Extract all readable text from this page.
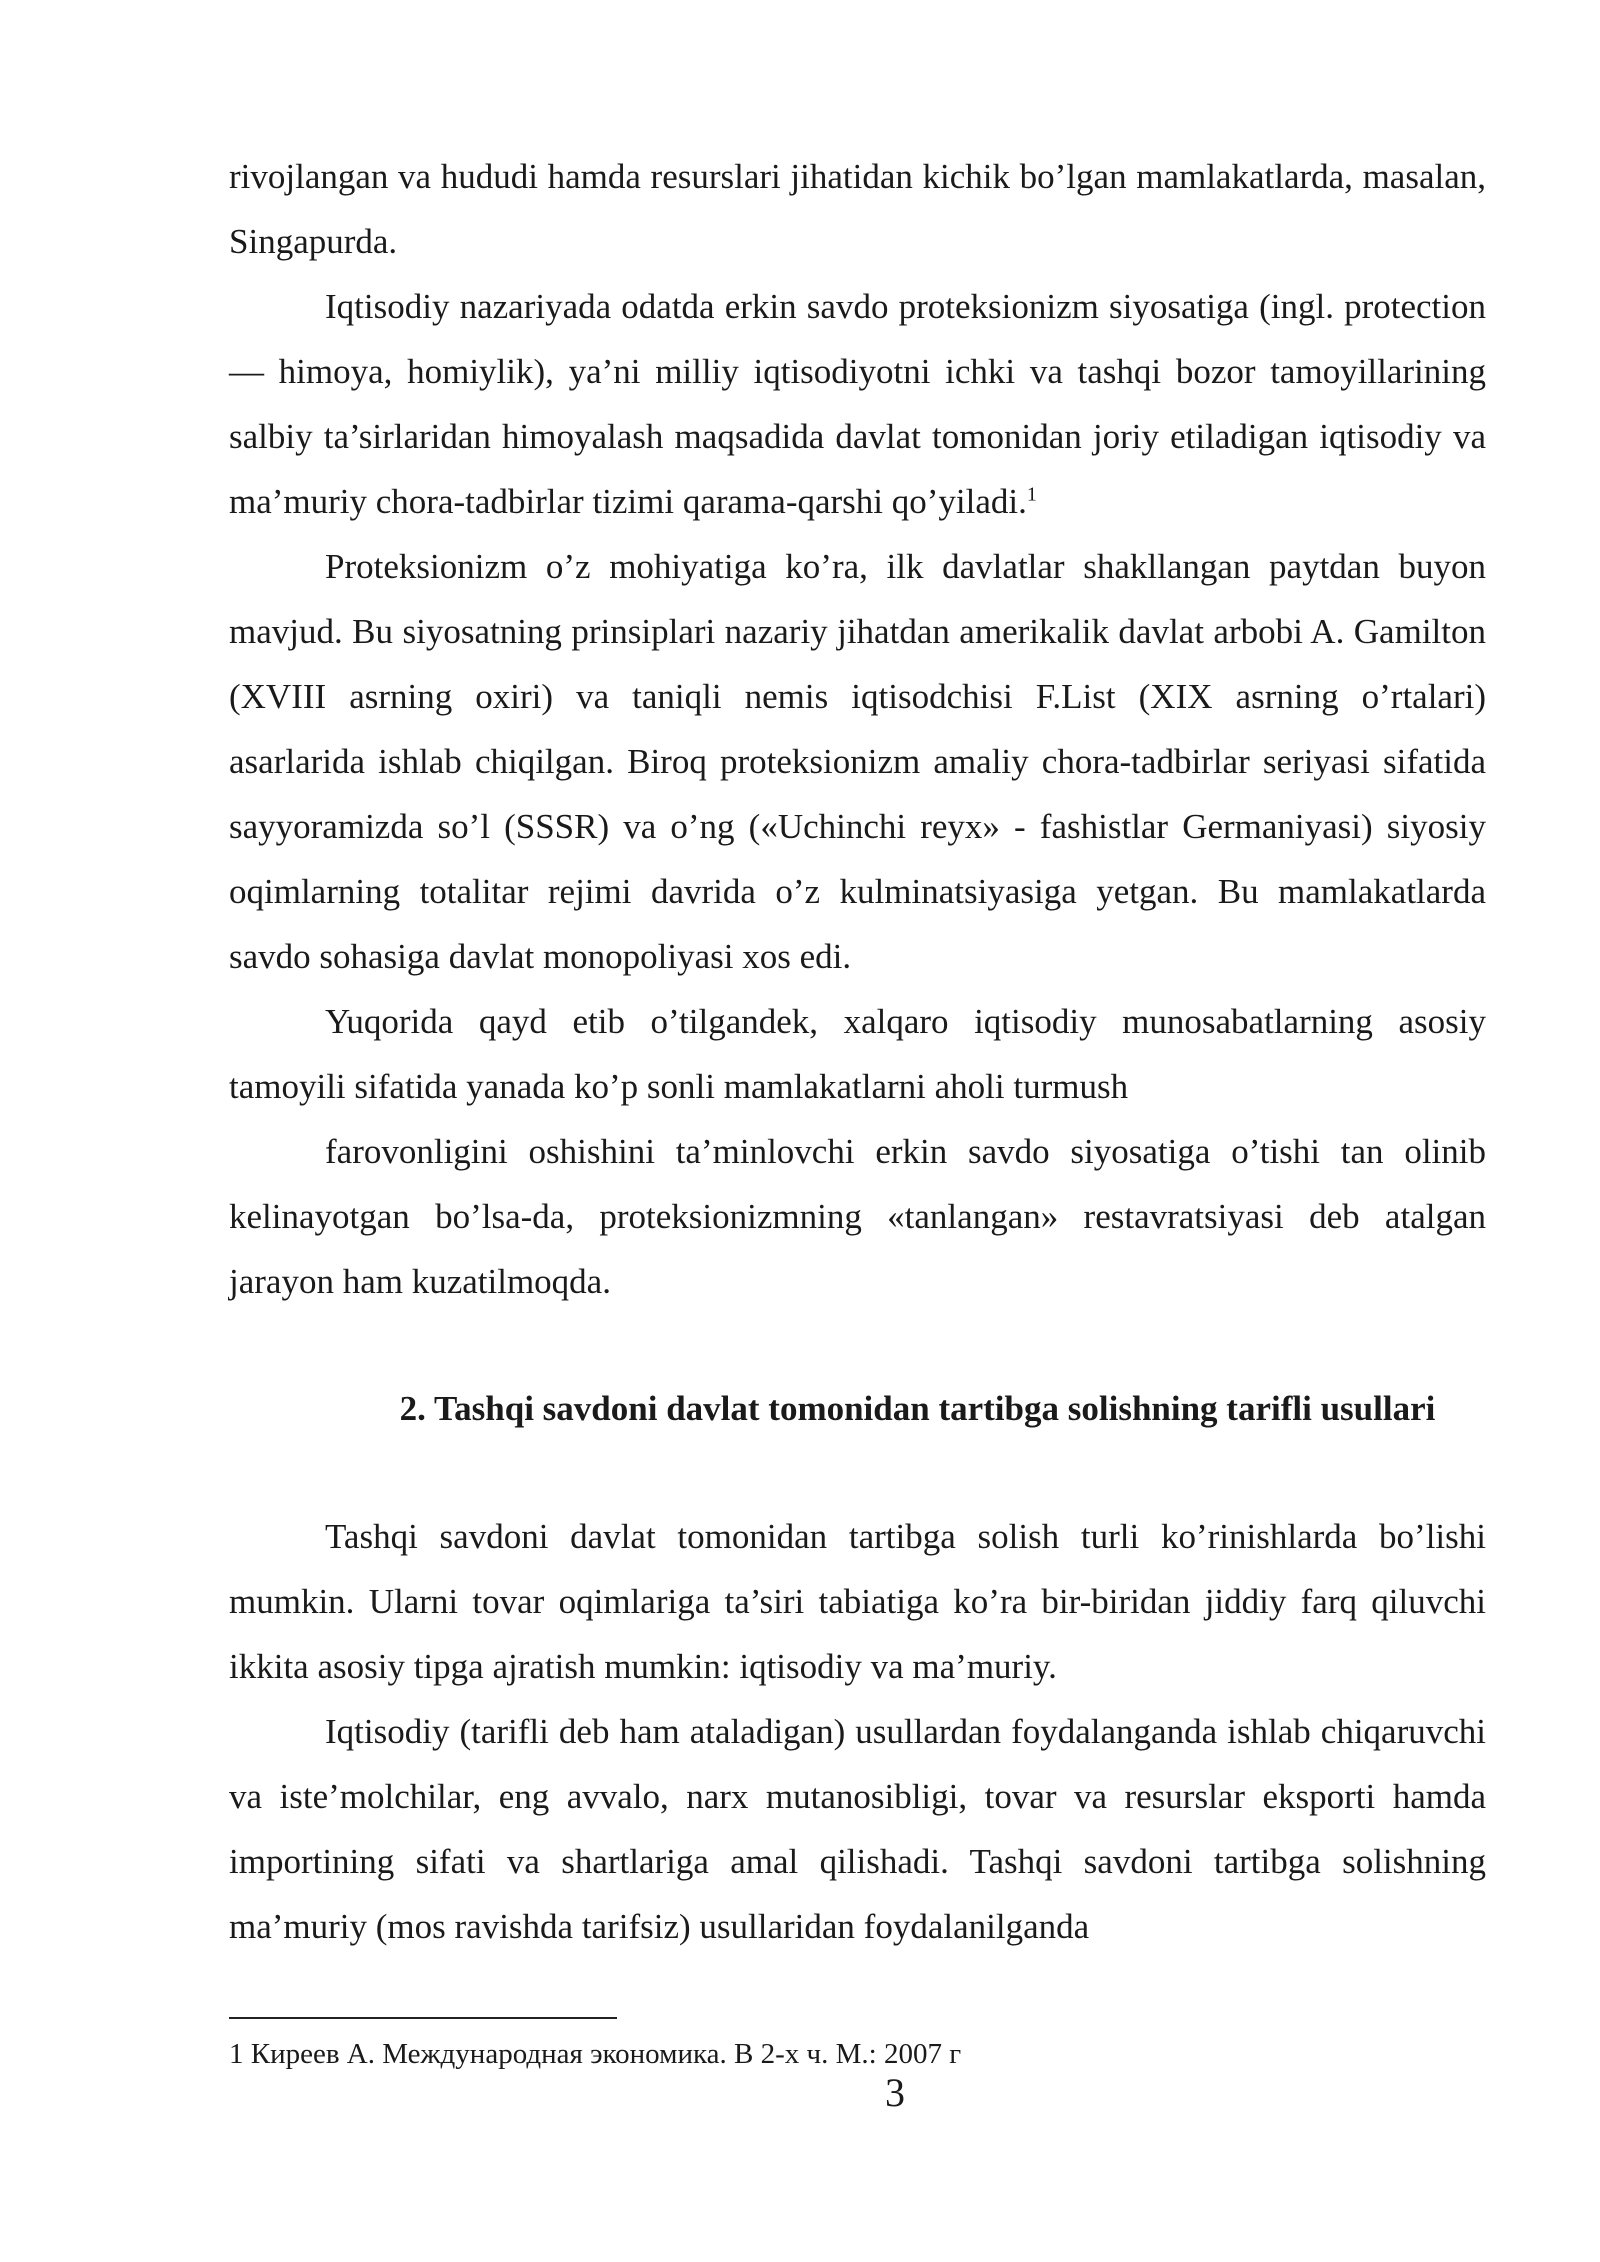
rivojlangan va hududi hamda resurslari jihatidan kichik bo’lgan mamlakatlarda, masalan, Singapurda.

Iqtisodiy nazariyada odatda erkin savdo proteksionizm siyosatiga (ingl. protection — himoya, homiylik), ya’ni milliy iqtisodiyotni ichki va tashqi bozor tamoyillarining salbiy ta’sirlaridan himoyalash maqsadida davlat tomonidan joriy etiladigan iqtisodiy va ma’muriy chora-tadbirlar tizimi qarama-qarshi qo’yiladi.$^1$

Proteksionizm o’z mohiyatiga ko’ra, ilk davlatlar shakllangan paytdan buyon mavjud. Bu siyosatning prinsiplari nazariy jihatdan amerikalik davlat arbobi A. Gamilton (XVIII asrning oxiri) va taniqli nemis iqtisodchisi F.List (XIX asrning o’rtalari) asarlarida ishlab chiqilgan. Biroq proteksionizm amaliy chora-tadbirlar seriyasi sifatida sayyoramizda so’l (SSSR) va o’ng («Uchinchi reyx» - fashistlar Germaniyasi) siyosiy oqimlarning totalitar rejimi davrida o’z kulminatsiyasiga yetgan. Bu mamlakatlarda savdo sohasiga davlat monopoliyasi xos edi.

Yuqorida qayd etib o’tilgandek, xalqaro iqtisodiy munosabatlarning asosiy tamoyili sifatida yanada ko’p sonli mamlakatlarni aholi turmush

farovonligini oshishini ta’minlovchi erkin savdo siyosatiga o’tishi tan olinib kelinayotgan bo’lsa-da, proteksionizmning «tanlangan» restavratsiyasi deb atalgan jarayon ham kuzatilmoqda.

2. Tashqi savdoni davlat tomonidan tartibga solishning tarifli usullari

Tashqi savdoni davlat tomonidan tartibga solish turli ko’rinishlarda bo’lishi mumkin. Ularni tovar oqimlariga ta’siri tabiatiga ko’ra bir-biridan jiddiy farq qiluvchi ikkita asosiy tipga ajratish mumkin: iqtisodiy va ma’muriy.

Iqtisodiy (tarifli deb ham ataladigan) usullardan foydalanganda ishlab chiqaruvchi va iste’molchilar, eng avvalo, narx mutanosibligi, tovar va resurslar eksporti hamda importining sifati va shartlariga amal qilishadi. Tashqi savdoni tartibga solishning ma’muriy (mos ravishda tarifsiz) usullaridan foydalanilganda

1 Киреев А. Международная экономика. В 2-х ч. М.: 2007 г

3
